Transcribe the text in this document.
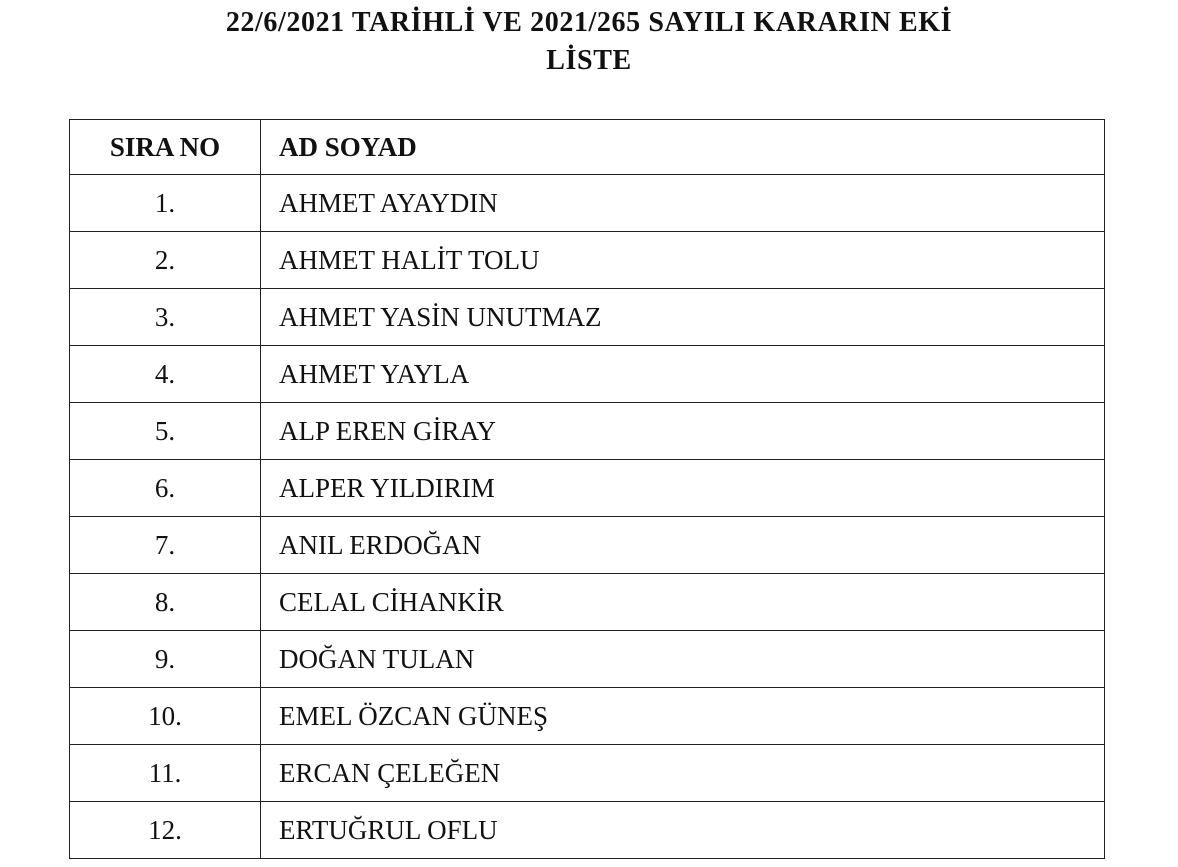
22/6/2021 TARİHLİ VE 2021/265 SAYILI KARARIN EKİ
LİSTE
SIRA NO	AD SOYAD
1.	AHMET AYAYDIN
2.	AHMET HALİT TOLU
3.	AHMET YASİN UNUTMAZ
4.	AHMET YAYLA
5.	ALP EREN GİRAY
6.	ALPER YILDIRIM
7.	ANIL ERDOĞAN
8.	CELAL CİHANKİR
9.	DOĞAN TULAN
10.	EMEL ÖZCAN GÜNEŞ
11.	ERCAN ÇELEĞEN
12.	ERTUĞRUL OFLU
